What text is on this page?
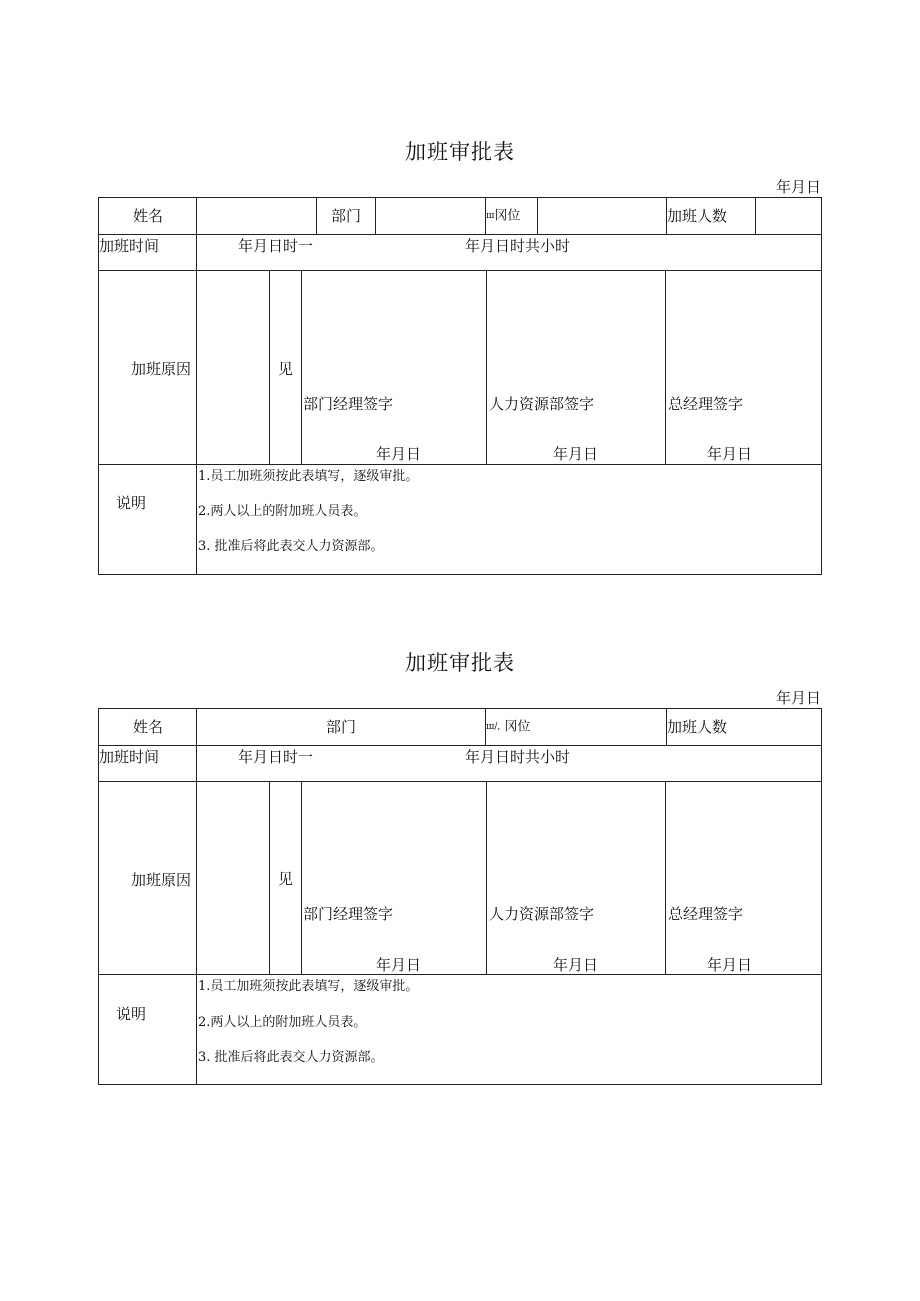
加班审批表
年月日
姓名	部门	ш冈位	加班人数
加班时间	年月日时一	年月日时共小时
加班原因	见
部门经理签字	人力资源部签字	总经理签字
年月日	年月日	年月日
说明
1.员工加班须按此表填写，逐级审批。
2.两人以上的附加班人员表。
3. 批准后将此表交人力资源部。
加班审批表
年月日
姓名	部门	ш/, 冈位	加班人数
加班时间	年月日时一	年月日时共小时
加班原因	见
部门经理签字	人力资源部签字	总经理签字
年月日	年月日	年月日
说明
1.员工加班须按此表填写，逐级审批。
2.两人以上的附加班人员表。
3. 批准后将此表交人力资源部。
